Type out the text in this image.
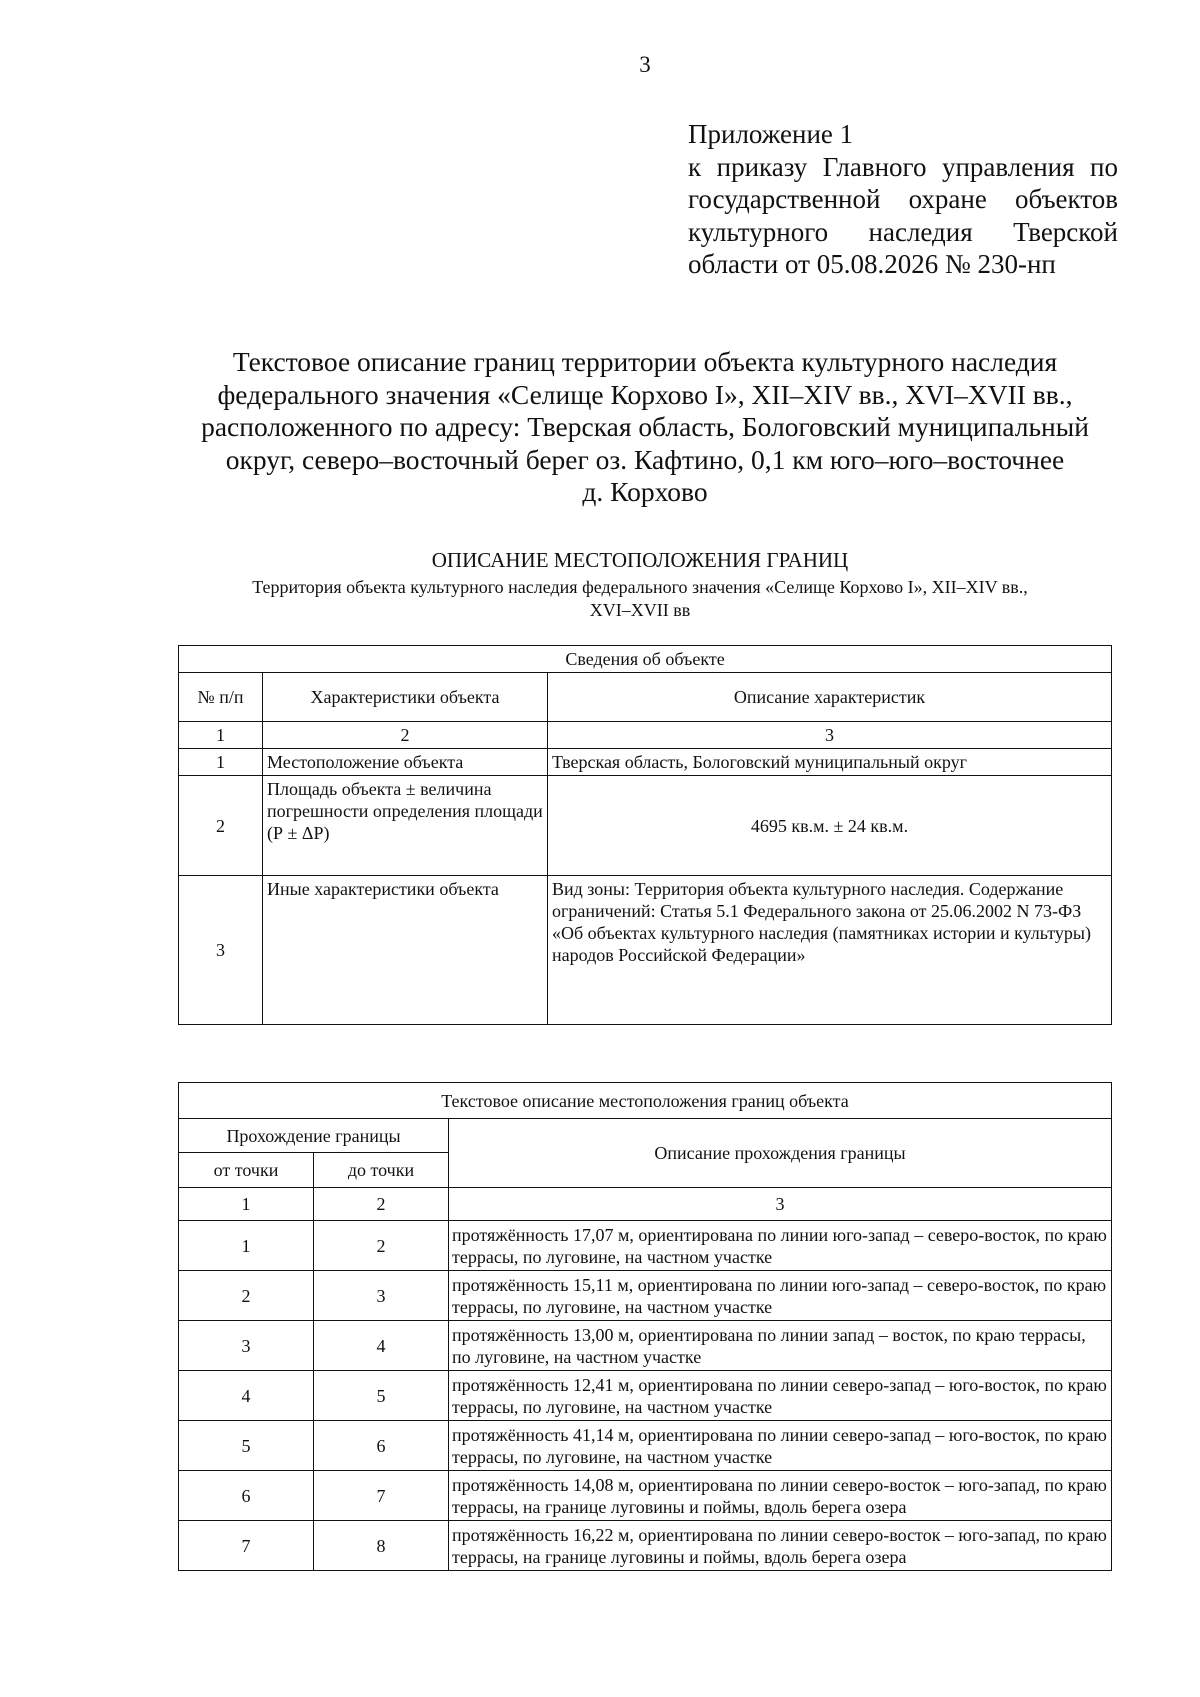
3
Приложение 1
к приказу Главного управления по
государственной охране объектов
культурного наследия Тверской
области от 05.08.2026 № 230-нп
Текстовое описание границ территории объекта культурного наследия
федерального значения «Селище Корхово I», XII–XIV вв., XVI–XVII вв.,
расположенного по адресу: Тверская область, Бологовский муниципальный
округ, северо–восточный берег оз. Кафтино, 0,1 км юго–юго–восточнее
д. Корхово
ОПИСАНИЕ МЕСТОПОЛОЖЕНИЯ ГРАНИЦ
Территория объекта культурного наследия федерального значения «Селище Корхово I», XII–XIV вв.,
XVI–XVII вв
Сведения об объекте		
№ п/п	Характеристики объекта	Описание характеристик
1	2	3
1	Местоположение объекта	Тверская область, Бологовский муниципальный округ
2	Площадь объекта ± величина погрешности определения площади (Р ± ΔР)	4695 кв.м. ± 24 кв.м.
3	Иные характеристики объекта	Вид зоны: Территория объекта культурного наследия. Содержание ограничений: Статья 5.1 Федерального закона от 25.06.2002 N 73-ФЗ «Об объектах культурного наследия (памятниках истории и культуры) народов Российской Федерации»
Текстовое описание местоположения границ объекта		
Прохождение границы		Описание прохождения границы
от точки	до точки	
1	2	3
1	2	протяжённость 17,07 м, ориентирована по линии юго-запад – северо-восток, по краю террасы, по луговине, на частном участке
2	3	протяжённость 15,11 м, ориентирована по линии юго-запад – северо-восток, по краю террасы, по луговине, на частном участке
3	4	протяжённость 13,00 м, ориентирована по линии запад – восток, по краю террасы, по луговине, на частном участке
4	5	протяжённость 12,41 м, ориентирована по линии северо-запад – юго-восток, по краю террасы, по луговине, на частном участке
5	6	протяжённость 41,14 м, ориентирована по линии северо-запад – юго-восток, по краю террасы, по луговине, на частном участке
6	7	протяжённость 14,08 м, ориентирована по линии северо-восток – юго-запад, по краю террасы, на границе луговины и поймы, вдоль берега озера
7	8	протяжённость 16,22 м, ориентирована по линии северо-восток – юго-запад, по краю террасы, на границе луговины и поймы, вдоль берега озера
